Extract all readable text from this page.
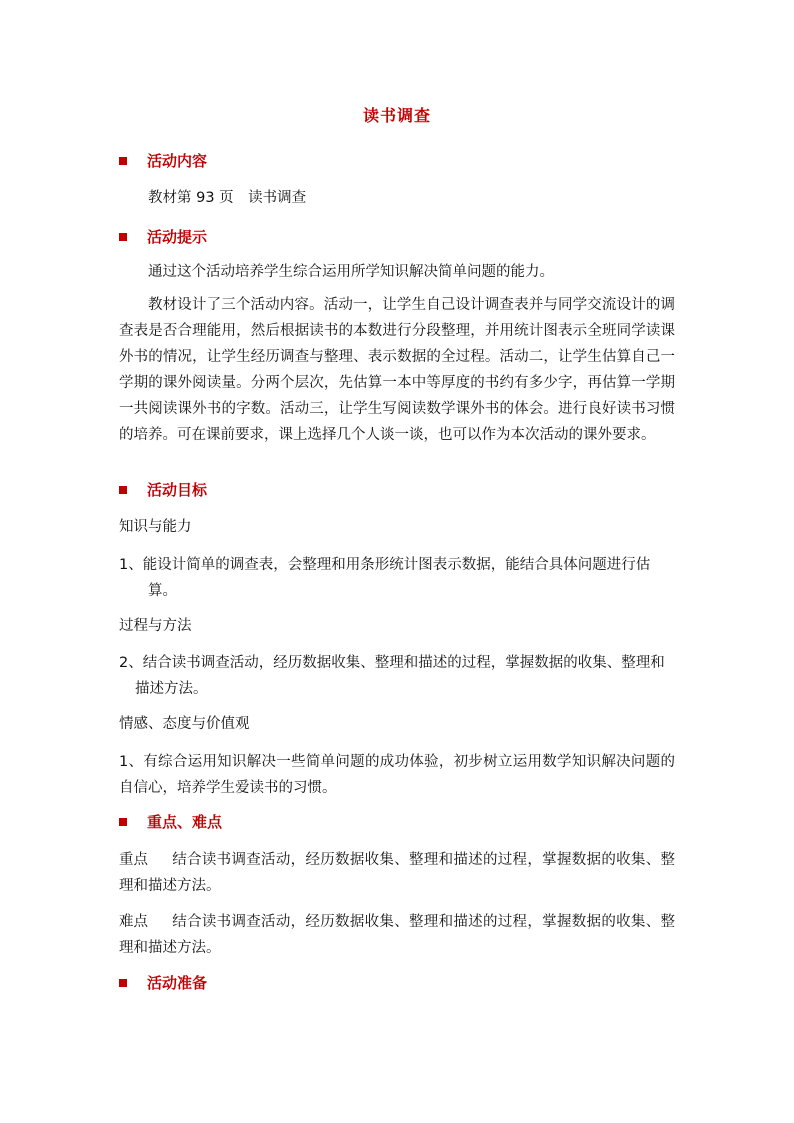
读书调查
活动内容
教材第 93 页　读书调查
活动提示
通过这个活动培养学生综合运用所学知识解决简单问题的能力。
教材设计了三个活动内容。活动一，让学生自己设计调查表并与同学交流设计的调查表是否合理能用，然后根据读书的本数进行分段整理，并用统计图表示全班同学读课外书的情况，让学生经历调查与整理、表示数据的全过程。活动二，让学生估算自己一学期的课外阅读量。分两个层次，先估算一本中等厚度的书约有多少字，再估算一学期一共阅读课外书的字数。活动三，让学生写阅读数学课外书的体会。进行良好读书习惯的培养。可在课前要求，课上选择几个人谈一谈，也可以作为本次活动的课外要求。
活动目标
知识与能力
1、能设计简单的调查表，会整理和用条形统计图表示数据，能结合具体问题进行估算。
过程与方法
2、结合读书调查活动，经历数据收集、整理和描述的过程，掌握数据的收集、整理和描述方法。
情感、态度与价值观
1、有综合运用知识解决一些简单问题的成功体验，初步树立运用数学知识解决问题的自信心，培养学生爱读书的习惯。
重点、难点
重点 结合读书调查活动，经历数据收集、整理和描述的过程，掌握数据的收集、整理和描述方法。
难点 结合读书调查活动，经历数据收集、整理和描述的过程，掌握数据的收集、整理和描述方法。
活动准备
